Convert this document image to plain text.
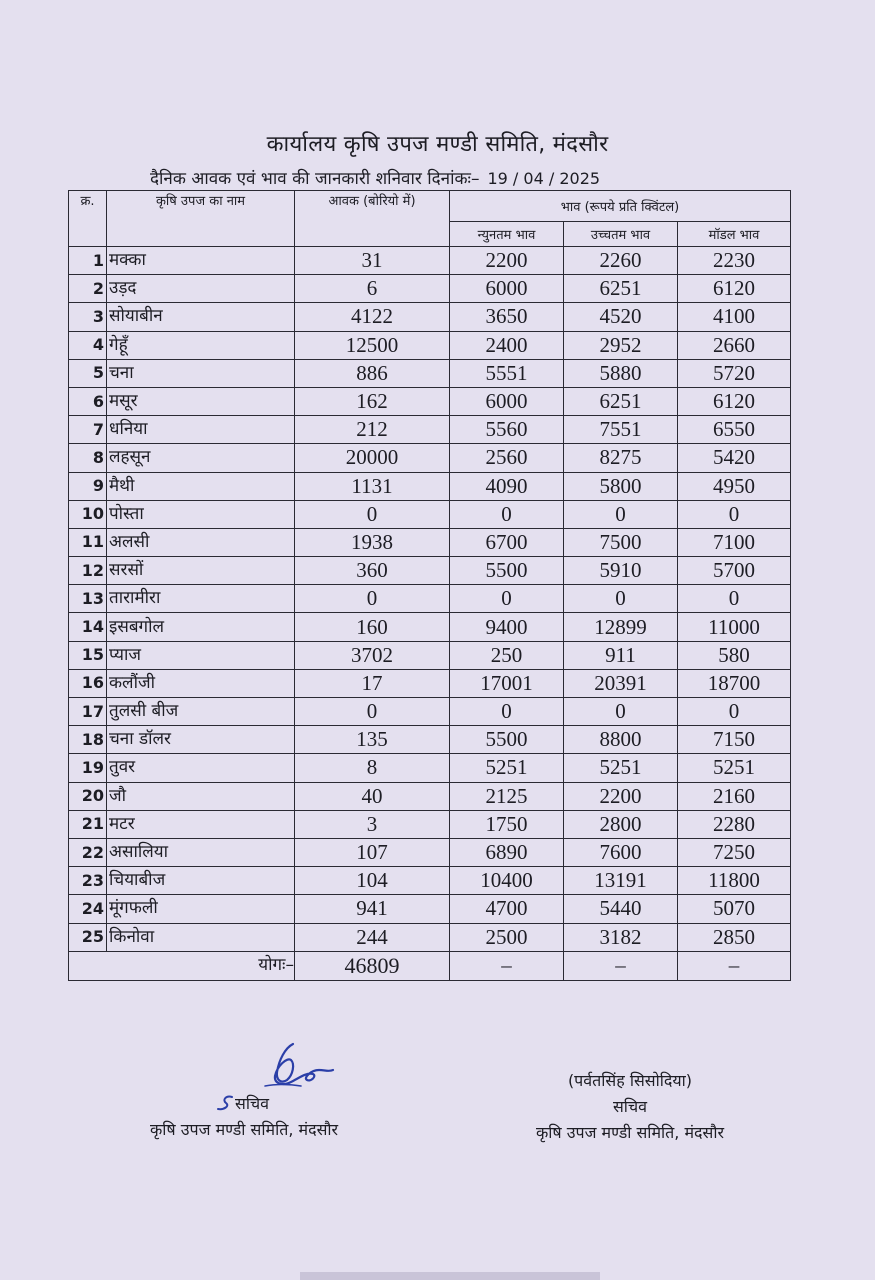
कार्यालय कृषि उपज मण्डी समिति, मंदसौर
दैनिक आवक एवं भाव की जानकारी शनिवार दिनांकः– 19 / 04 / 2025
क्र.	कृषि उपज का नाम	आवक (बोरियो में)	भाव (रूपये प्रति क्विंटल)		
			न्युनतम भाव	उच्चतम भाव	मॉडल भाव
1	मक्का	31	2200	2260	2230
2	उड़द	6	6000	6251	6120
3	सोयाबीन	4122	3650	4520	4100
4	गेहूँ	12500	2400	2952	2660
5	चना	886	5551	5880	5720
6	मसूर	162	6000	6251	6120
7	धनिया	212	5560	7551	6550
8	लहसून	20000	2560	8275	5420
9	मैथी	1131	4090	5800	4950
10	पोस्ता	0	0	0	0
11	अलसी	1938	6700	7500	7100
12	सरसों	360	5500	5910	5700
13	तारामीरा	0	0	0	0
14	इसबगोल	160	9400	12899	11000
15	प्याज	3702	250	911	580
16	कलौंजी	17	17001	20391	18700
17	तुलसी बीज	0	0	0	0
18	चना डॉलर	135	5500	8800	7150
19	तुवर	8	5251	5251	5251
20	जौ	40	2125	2200	2160
21	मटर	3	1750	2800	2280
22	असालिया	107	6890	7600	7250
23	चियाबीज	104	10400	13191	11800
24	मूंगफली	941	4700	5440	5070
25	किनोवा	244	2500	3182	2850
योगः–		46809	–	–	–
सचिव
कृषि उपज मण्डी समिति, मंदसौर
(पर्वतसिंह सिसोदिया)
सचिव
कृषि उपज मण्डी समिति, मंदसौर
